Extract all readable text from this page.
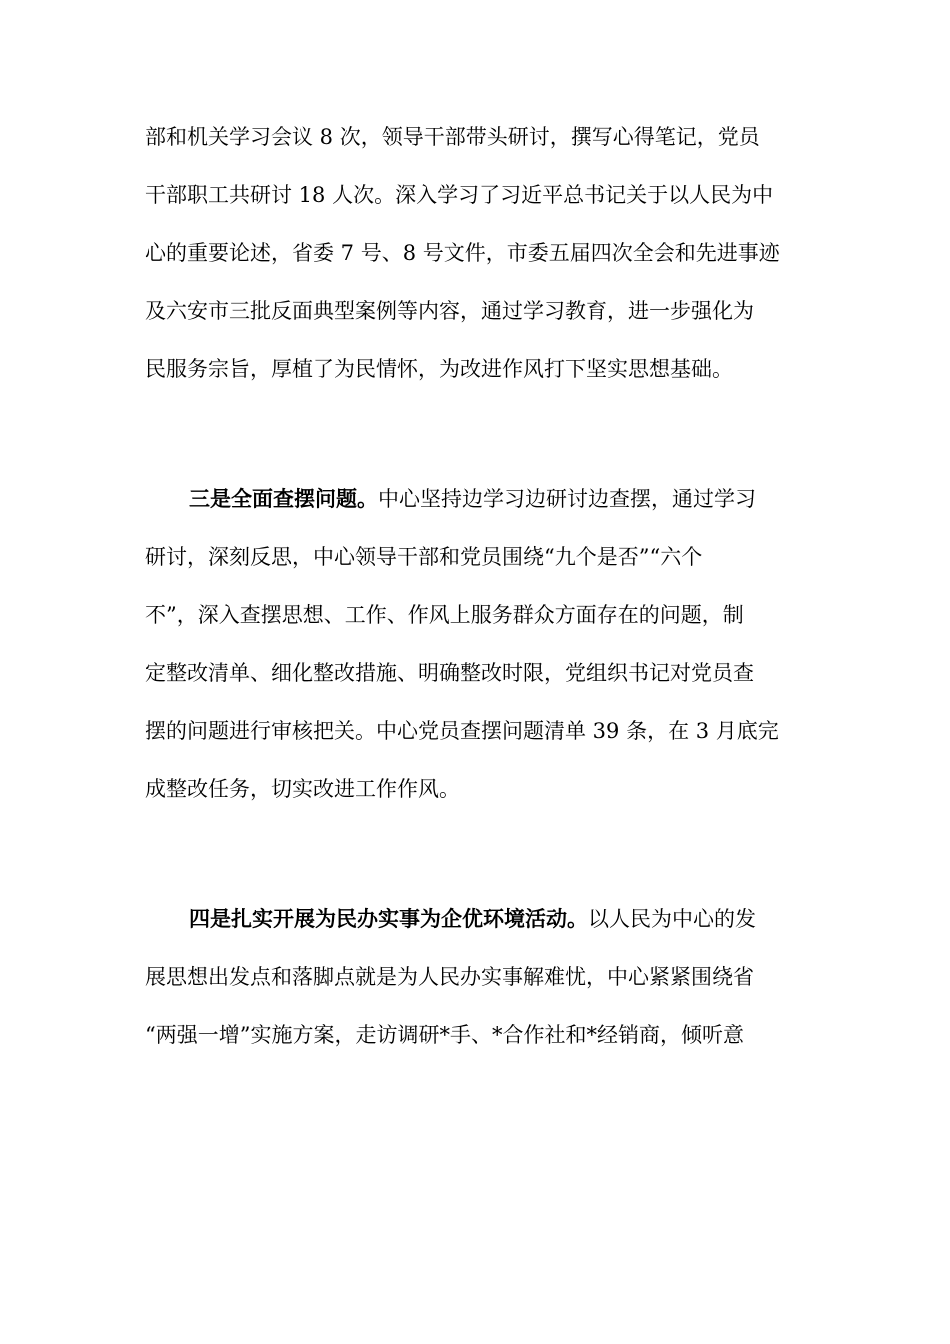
部和机关学习会议 8 次，领导干部带头研讨，撰写心得笔记，党员
干部职工共研讨 18 人次。深入学习了习近平总书记关于以人民为中
心的重要论述，省委 7 号、8 号文件，市委五届四次全会和先进事迹
及六安市三批反面典型案例等内容，通过学习教育，进一步强化为
民服务宗旨，厚植了为民情怀，为改进作风打下坚实思想基础。
三是全面查摆问题。中心坚持边学习边研讨边查摆，通过学习
研讨，深刻反思，中心领导干部和党员围绕“九个是否”“六个
不”，深入查摆思想、工作、作风上服务群众方面存在的问题，制
定整改清单、细化整改措施、明确整改时限，党组织书记对党员查
摆的问题进行审核把关。中心党员查摆问题清单 39 条，在 3 月底完
成整改任务，切实改进工作作风。
四是扎实开展为民办实事为企优环境活动。以人民为中心的发
展思想出发点和落脚点就是为人民办实事解难忧，中心紧紧围绕省
“两强一增”实施方案，走访调研*手、*合作社和*经销商，倾听意
